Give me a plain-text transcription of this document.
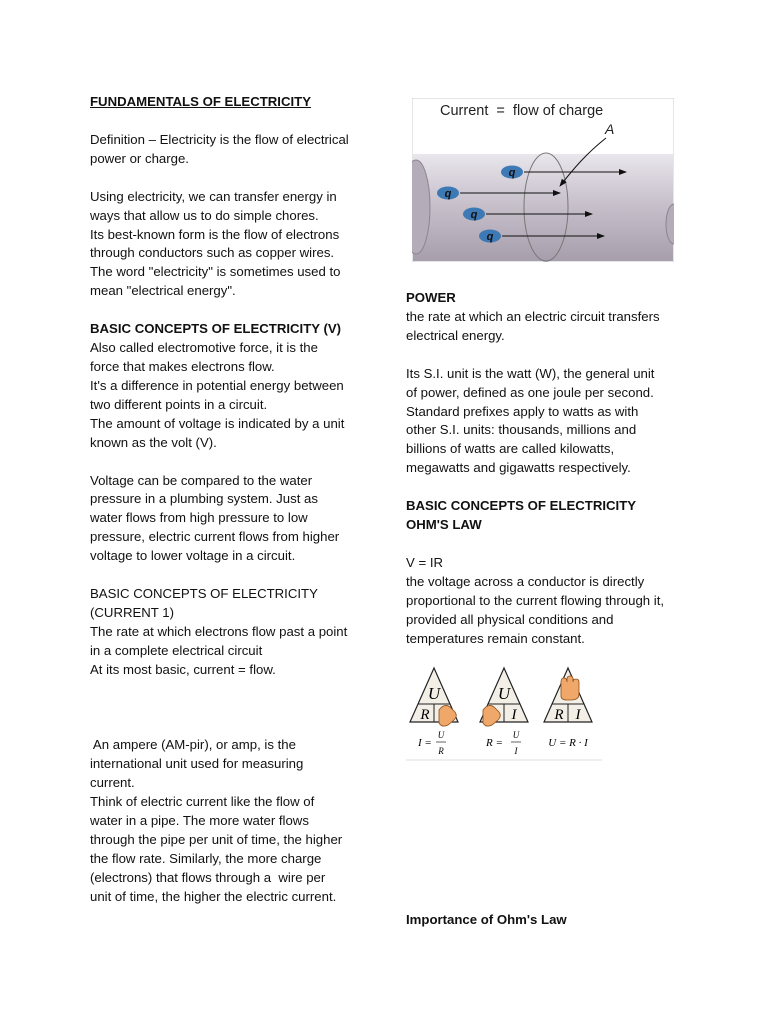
FUNDAMENTALS OF ELECTRICITY

Definition – Electricity is the flow of electrical
power or charge.

Using electricity, we can transfer energy in
ways that allow us to do simple chores.
Its best-known form is the flow of electrons
through conductors such as copper wires.
The word "electricity" is sometimes used to
mean "electrical energy".

BASIC CONCEPTS OF ELECTRICITY (V)
Also called electromotive force, it is the
force that makes electrons flow.
It's a difference in potential energy between
two different points in a circuit.
The amount of voltage is indicated by a unit
known as the volt (V).

Voltage can be compared to the water
pressure in a plumbing system. Just as
water flows from high pressure to low
pressure, electric current flows from higher
voltage to lower voltage in a circuit.

BASIC CONCEPTS OF ELECTRICITY
(CURRENT 1)
The rate at which electrons flow past a point
in a complete electrical circuit
At its most basic, current = flow.

An ampere (AM-pir), or amp, is the
international unit used for measuring
current.
Think of electric current like the flow of
water in a pipe. The more water flows
through the pipe per unit of time, the higher
the flow rate. Similarly, the more charge
(electrons) that flows through a  wire per
unit of time, the higher the electric current.

Current  =  flow of charge
A
q
q
q
q

POWER
the rate at which an electric circuit transfers
electrical energy.

Its S.I. unit is the watt (W), the general unit
of power, defined as one joule per second.
Standard prefixes apply to watts as with
other S.I. units: thousands, millions and
billions of watts are called kilowatts,
megawatts and gigawatts respectively.

BASIC CONCEPTS OF ELECTRICITY
OHM'S LAW

V = IR
the voltage across a conductor is directly
proportional to the current flowing through it,
provided all physical conditions and
temperatures remain constant.

U
R
I =
U
R
U
I
R =
U
I
R I
U = R · I
Importance of Ohm's Law
